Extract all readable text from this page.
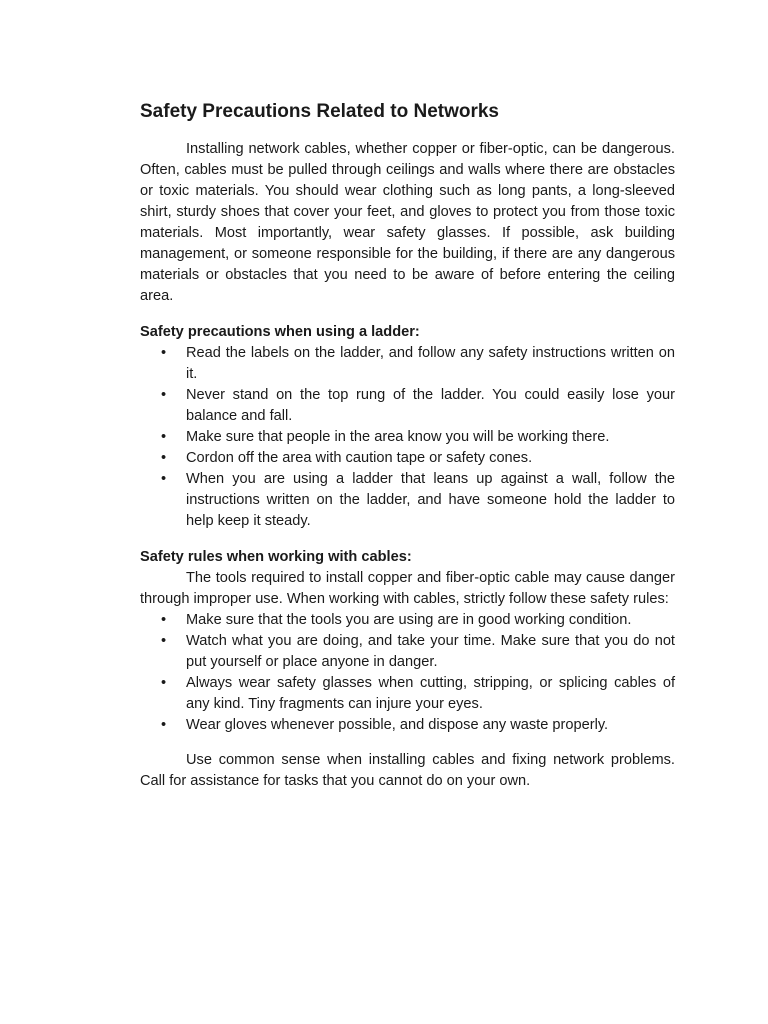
Safety Precautions Related to Networks

Installing network cables, whether copper or fiber-optic, can be dangerous. Often, cables must be pulled through ceilings and walls where there are obstacles or toxic materials. You should wear clothing such as long pants, a long-sleeved shirt, sturdy shoes that cover your feet, and gloves to protect you from those toxic materials. Most importantly, wear safety glasses. If possible, ask building management, or someone responsible for the building, if there are any dangerous materials or obstacles that you need to be aware of before entering the ceiling area.

Safety precautions when using a ladder:

• Read the labels on the ladder, and follow any safety instructions written on it.
• Never stand on the top rung of the ladder. You could easily lose your balance and fall.
• Make sure that people in the area know you will be working there.
• Cordon off the area with caution tape or safety cones.
• When you are using a ladder that leans up against a wall, follow the instructions written on the ladder, and have someone hold the ladder to help keep it steady.

Safety rules when working with cables:

The tools required to install copper and fiber-optic cable may cause danger through improper use. When working with cables, strictly follow these safety rules:

• Make sure that the tools you are using are in good working condition.
• Watch what you are doing, and take your time. Make sure that you do not put yourself or place anyone in danger.
• Always wear safety glasses when cutting, stripping, or splicing cables of any kind. Tiny fragments can injure your eyes.
• Wear gloves whenever possible, and dispose any waste properly.

Use common sense when installing cables and fixing network problems. Call for assistance for tasks that you cannot do on your own.
